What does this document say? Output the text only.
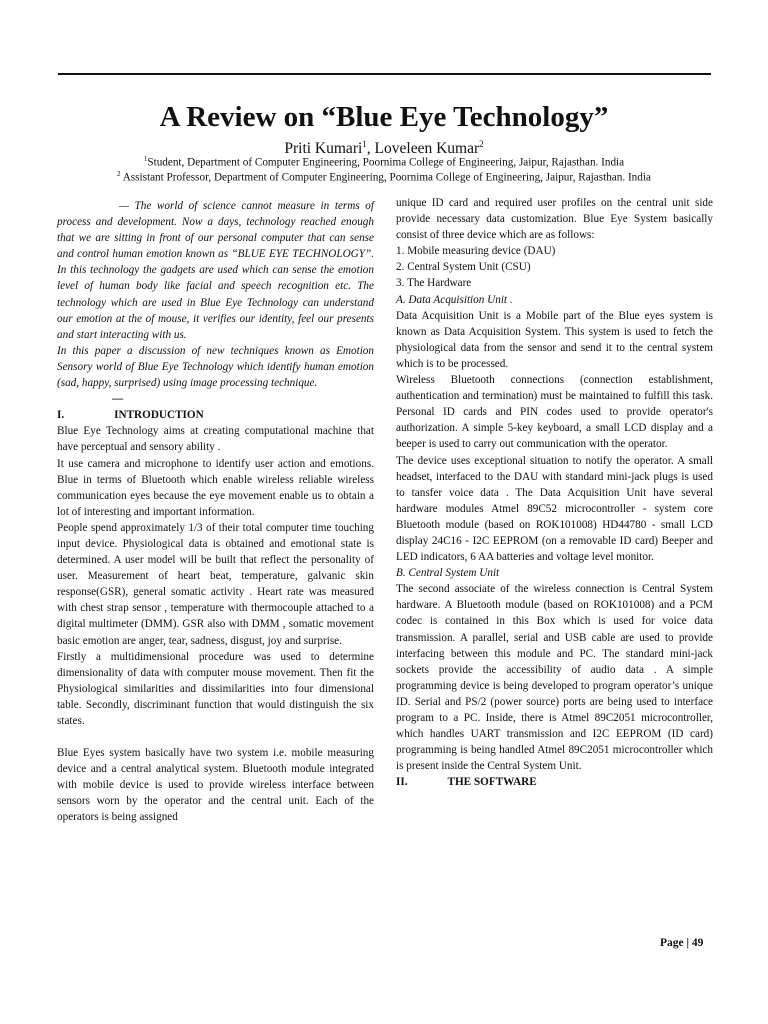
A Review on “Blue Eye Technology”
Priti Kumari$^1$, Loveleen Kumar$^2$
$^1$Student, Department of Computer Engineering, Poornima College of Engineering, Jaipur, Rajasthan. India
$^2$ Assistant Professor, Department of Computer Engineering, Poornima College of Engineering, Jaipur, Rajasthan. India

— The world of science cannot measure in terms of process and development. Now a days, technology reached enough that we are sitting in front of our personal computer that can sense and control human emotion known as “BLUE EYE TECHNOLOGY”. In this technology the gadgets are used which can sense the emotion level of human body like facial and speech recognition etc. The technology which are used in Blue Eye Technology can understand our emotion at the of mouse, it verifies our identity, feel our presents and start interacting with us.

In this paper a discussion of new techniques known as Emotion Sensory world of Blue Eye Technology which identify human emotion (sad, happy, surprised) using image processing technique.

—

I.	INTRODUCTION

Blue Eye Technology aims at creating computational machine that have perceptual and sensory ability .

It use camera and microphone to identify user action and emotions. Blue in terms of Bluetooth which enable wireless reliable wireless communication eyes because the eye movement enable us to obtain a lot of interesting and important information.

People spend approximately 1/3 of their total computer time touching input device. Physiological data is obtained and emotional state is determined. A user model will be built that reflect the personality of user. Measurement of heart beat, temperature, galvanic skin response(GSR), general somatic activity . Heart rate was measured with chest strap sensor , temperature with thermocouple attached to a digital multimeter (DMM). GSR also with DMM , somatic movement basic emotion are anger, tear, sadness, disgust, joy and surprise.

Firstly a multidimensional procedure was used to determine dimensionality of data with computer mouse movement. Then fit the Physiological similarities and dissimilarities into four dimensional table. Secondly, discriminant function that would distinguish the six states.

Blue Eyes system basically have two system i.e. mobile measuring device and a central analytical system. Bluetooth module integrated with mobile device is used to provide wireless interface between sensors worn by the operator and the central unit. Each of the operators is being assigned

unique ID card and required user profiles on the central unit side provide necessary data customization. Blue Eye System basically consist of three device which are as follows:

1. Mobile measuring device (DAU)

2. Central System Unit (CSU)

3. The Hardware

A. Data Acquisition Unit .

Data Acquisition Unit is a Mobile part of the Blue eyes system is known as Data Acquisition System. This system is used to fetch the physiological data from the sensor and send it to the central system which is to be processed.

Wireless Bluetooth connections (connection establishment, authentication and termination) must be maintained to fulfill this task. Personal ID cards and PIN codes used to provide operator's authorization. A simple 5-key keyboard, a small LCD display and a beeper is used to carry out communication with the operator.

The device uses exceptional situation to notify the operator. A small headset, interfaced to the DAU with standard mini-jack plugs is used to tansfer voice data . The Data Acquisition Unit have several hardware modules Atmel 89C52 microcontroller - system core Bluetooth module (based on ROK101008) HD44780 - small LCD display 24C16 - I2C EEPROM (on a removable ID card) Beeper and LED indicators, 6 AA batteries and voltage level monitor.

B. Central System Unit

The second associate of the wireless connection is Central System hardware. A Bluetooth module (based on ROK101008) and a PCM codec is contained in this Box which is used for voice data transmission. A parallel, serial and USB cable are used to provide interfacing between this module and PC. The standard mini-jack sockets provide the accessibility of audio data . A simple programming device is being developed to program operator’s unique ID. Serial and PS/2 (power source) ports are being used to interface program to a PC. Inside, there is Atmel 89C2051 microcontroller, which handles UART transmission and I2C EEPROM (ID card) programming is being handled Atmel 89C2051 microcontroller which is present inside the Central System Unit.

II.	THE SOFTWARE

Page | 49
